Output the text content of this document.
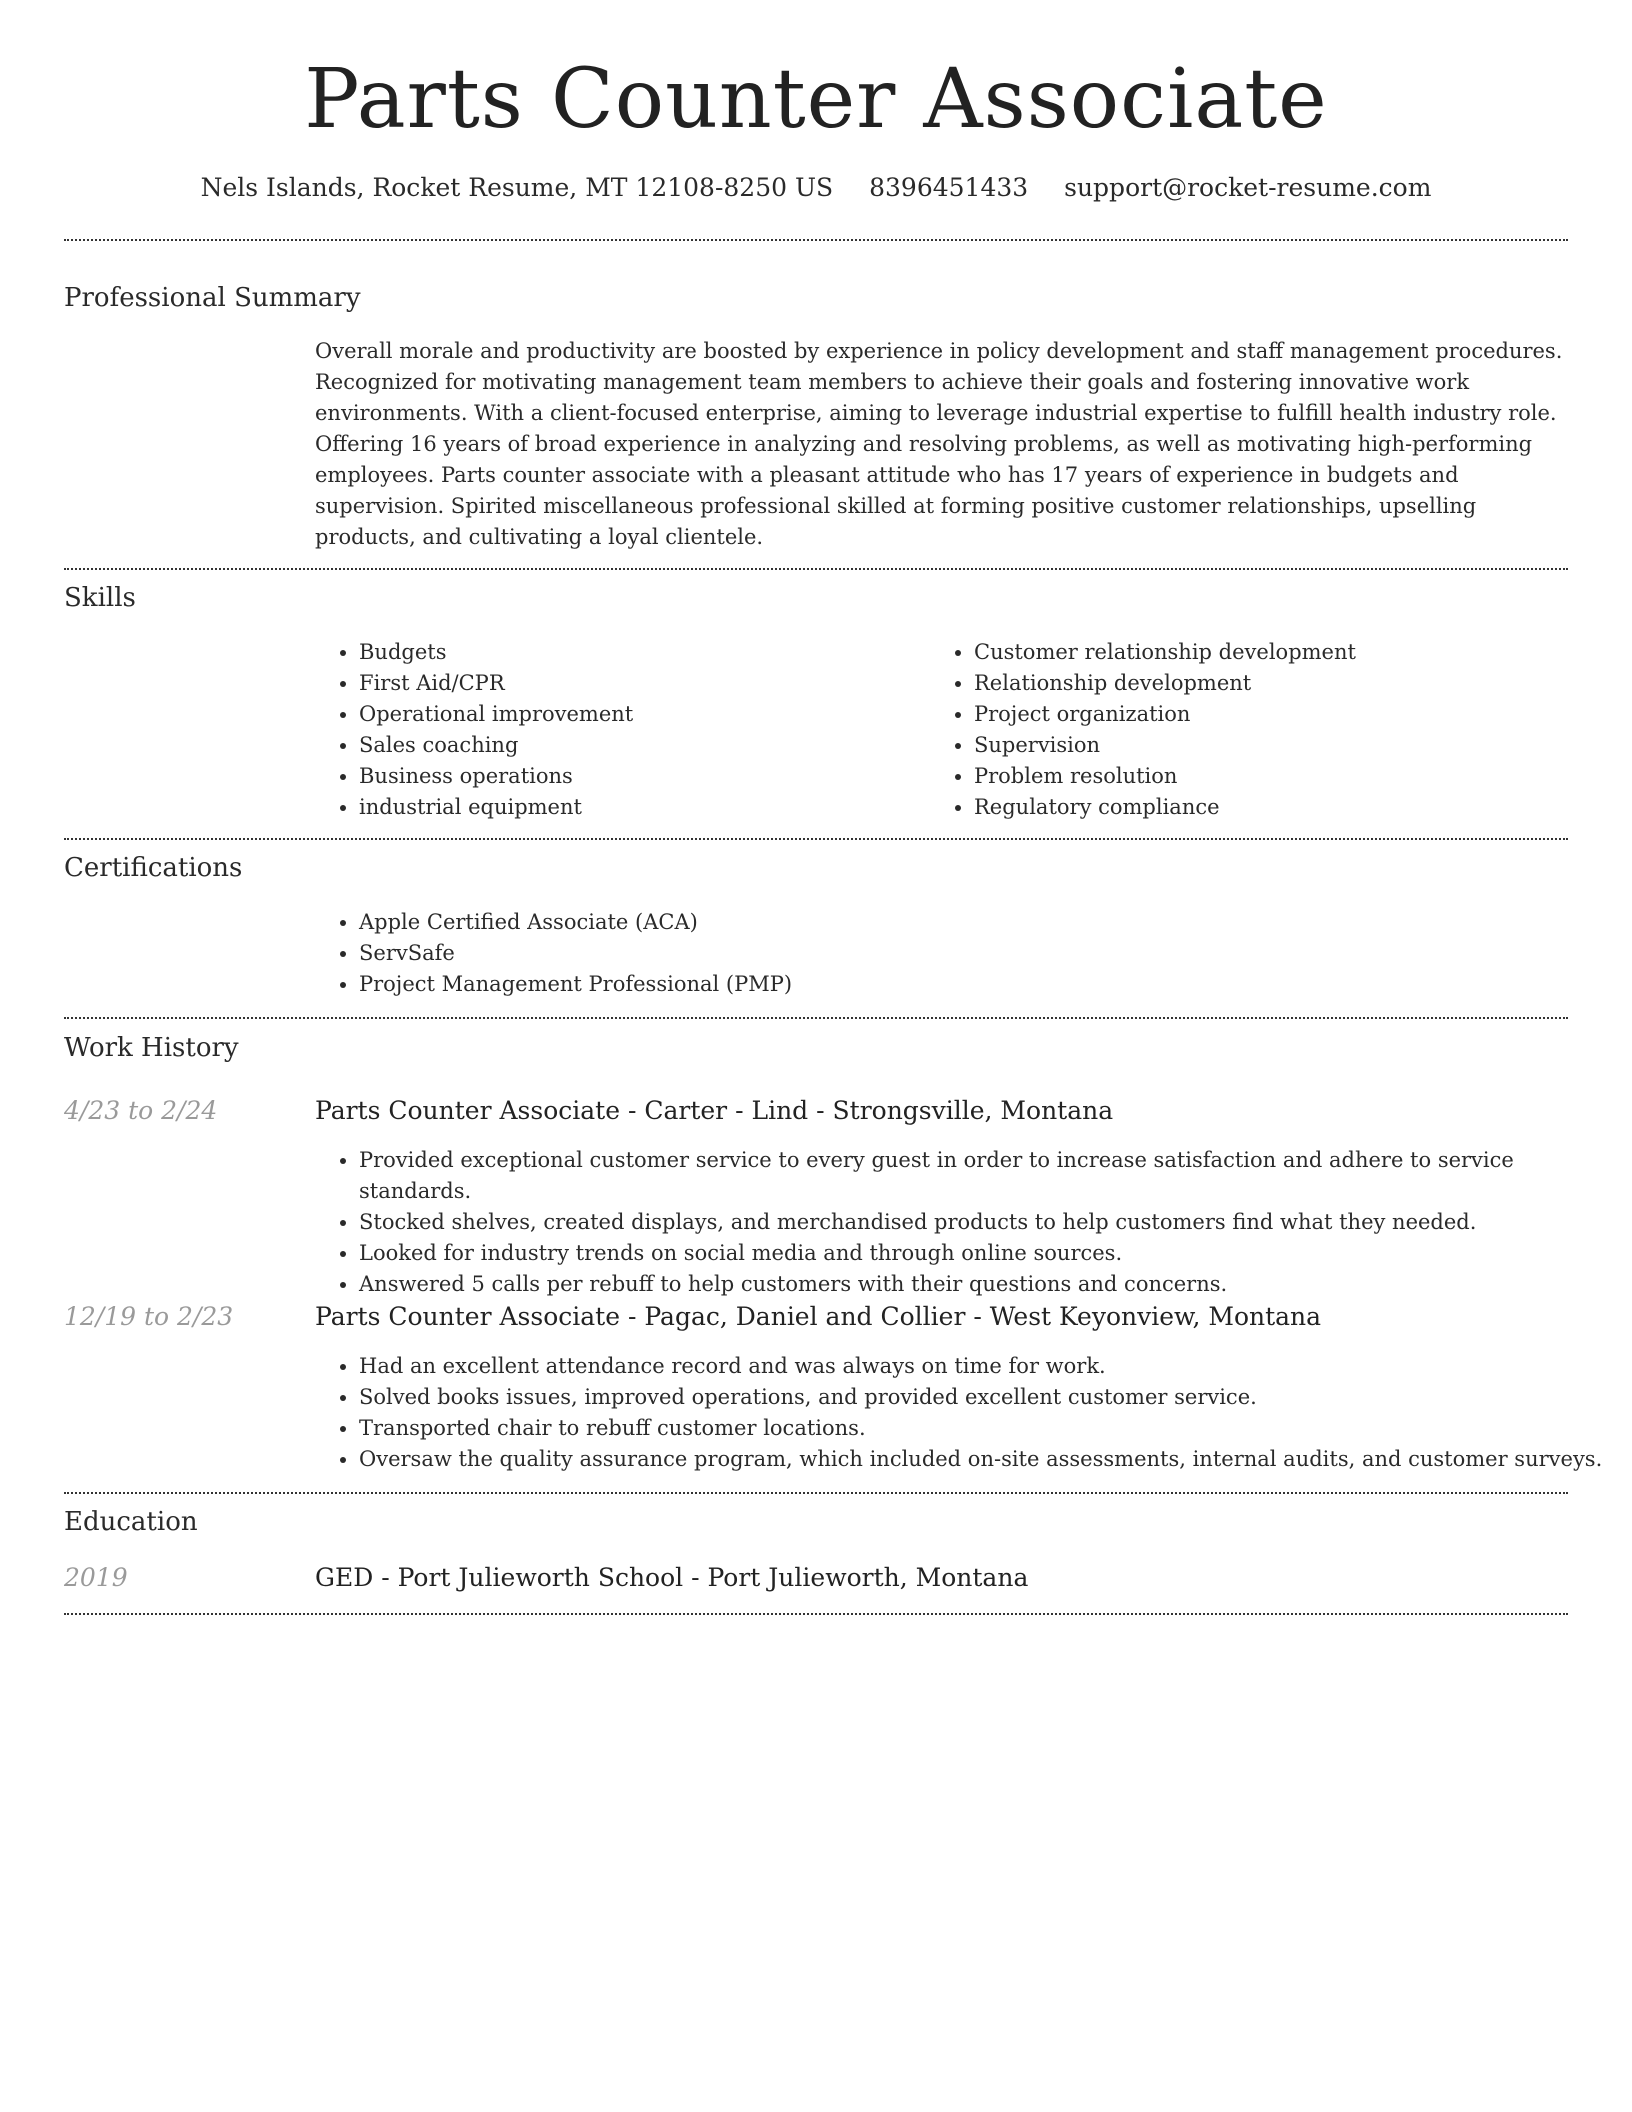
Parts Counter Associate
Nels Islands, Rocket Resume, MT 12108-8250 US 8396451433 support@rocket-resume.com
Professional Summary

Overall morale and productivity are boosted by experience in policy development and staff management procedures. Recognized for motivating management team members to achieve their goals and fostering innovative work environments. With a client-focused enterprise, aiming to leverage industrial expertise to fulfill health industry role. Offering 16 years of broad experience in analyzing and resolving problems, as well as motivating high-performing employees. Parts counter associate with a pleasant attitude who has 17 years of experience in budgets and supervision. Spirited miscellaneous professional skilled at forming positive customer relationships, upselling products, and cultivating a loyal clientele.

Skills
• Budgets
• First Aid/CPR
• Operational improvement
• Sales coaching
• Business operations
• industrial equipment
• Customer relationship development
• Relationship development
• Project organization
• Supervision
• Problem resolution
• Regulatory compliance
Certifications
• Apple Certified Associate (ACA)
• ServSafe
• Project Management Professional (PMP)
Work History
4/23 to 2/24	Parts Counter Associate - Carter - Lind - Strongsville, Montana
• Provided exceptional customer service to every guest in order to increase satisfaction and adhere to service standards.
• Stocked shelves, created displays, and merchandised products to help customers find what they needed.
• Looked for industry trends on social media and through online sources.
• Answered 5 calls per rebuff to help customers with their questions and concerns.
12/19 to 2/23	Parts Counter Associate - Pagac, Daniel and Collier - West Keyonview, Montana
• Had an excellent attendance record and was always on time for work.
• Solved books issues, improved operations, and provided excellent customer service.
• Transported chair to rebuff customer locations.
• Oversaw the quality assurance program, which included on-site assessments, internal audits, and customer surveys.
Education
2019	GED - Port Julieworth School - Port Julieworth, Montana
